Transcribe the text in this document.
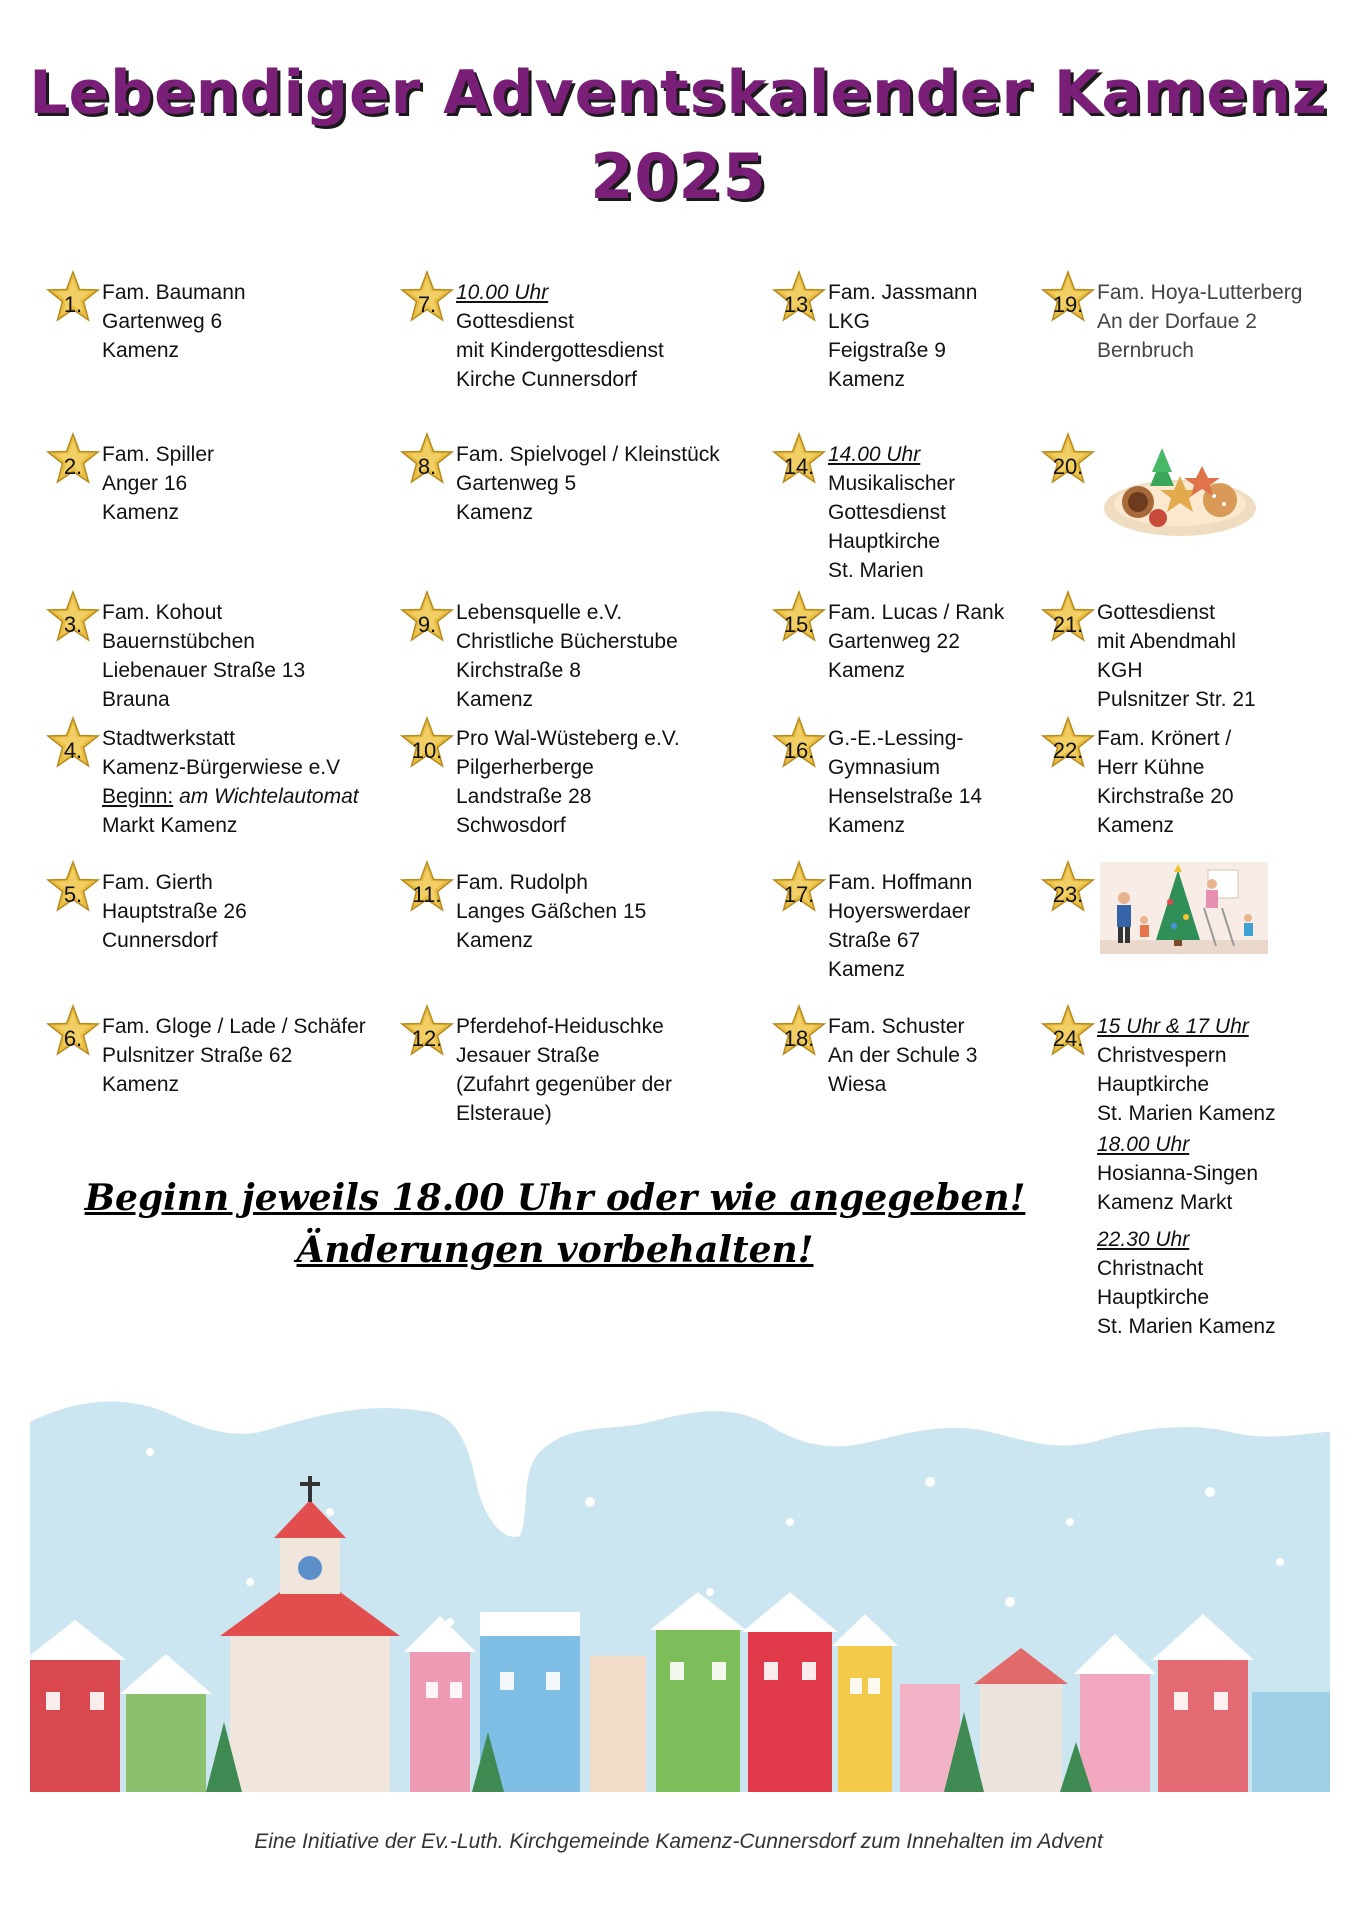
Lebendiger Adventskalender Kamenz
2025
1. Fam. Baumann
Gartenweg 6
Kamenz
2. Fam. Spiller
Anger 16
Kamenz
3. Fam. Kohout
Bauernstübchen
Liebenauer Straße 13
Brauna
4. Stadtwerkstatt
Kamenz-Bürgerwiese e.V
Beginn: am Wichtelautomat
Markt Kamenz
5. Fam. Gierth
Hauptstraße 26
Cunnersdorf
6. Fam. Gloge / Lade / Schäfer
Pulsnitzer Straße 62
Kamenz
7. 10.00 Uhr
Gottesdienst
mit Kindergottesdienst
Kirche Cunnersdorf
8. Fam. Spielvogel / Kleinstück
Gartenweg 5
Kamenz
9. Lebensquelle e.V.
Christliche Bücherstube
Kirchstraße 8
Kamenz
10. Pro Wal-Wüsteberg e.V.
Pilgerherberge
Landstraße 28
Schwosdorf
11. Fam. Rudolph
Langes Gäßchen 15
Kamenz
12. Pferdehof-Heiduschke
Jesauer Straße
(Zufahrt gegenüber der
Elsteraue)
13. Fam. Jassmann
LKG
Feigstraße 9
Kamenz
14. 14.00 Uhr
Musikalischer
Gottesdienst
Hauptkirche
St. Marien
15. Fam. Lucas / Rank
Gartenweg 22
Kamenz
16. G.-E.-Lessing-
Gymnasium
Henselstraße 14
Kamenz
17. Fam. Hoffmann
Hoyerswerdaer
Straße 67
Kamenz
18. Fam. Schuster
An der Schule 3
Wiesa
19. Fam. Hoya-Lutterberg
An der Dorfaue 2
Bernbruch
20.
21. Gottesdienst
mit Abendmahl
KGH
Pulsnitzer Str. 21
22. Fam. Krönert /
Herr Kühne
Kirchstraße 20
Kamenz
23.
24. 15 Uhr & 17 Uhr
Christvespern
Hauptkirche
St. Marien Kamenz
18.00 Uhr
Hosianna-Singen
Kamenz Markt
22.30 Uhr
Christnacht
Hauptkirche
St. Marien Kamenz
Beginn jeweils 18.00 Uhr oder wie angegeben!
Änderungen vorbehalten!
Eine Initiative der Ev.-Luth. Kirchgemeinde Kamenz-Cunnersdorf zum Innehalten im Advent
